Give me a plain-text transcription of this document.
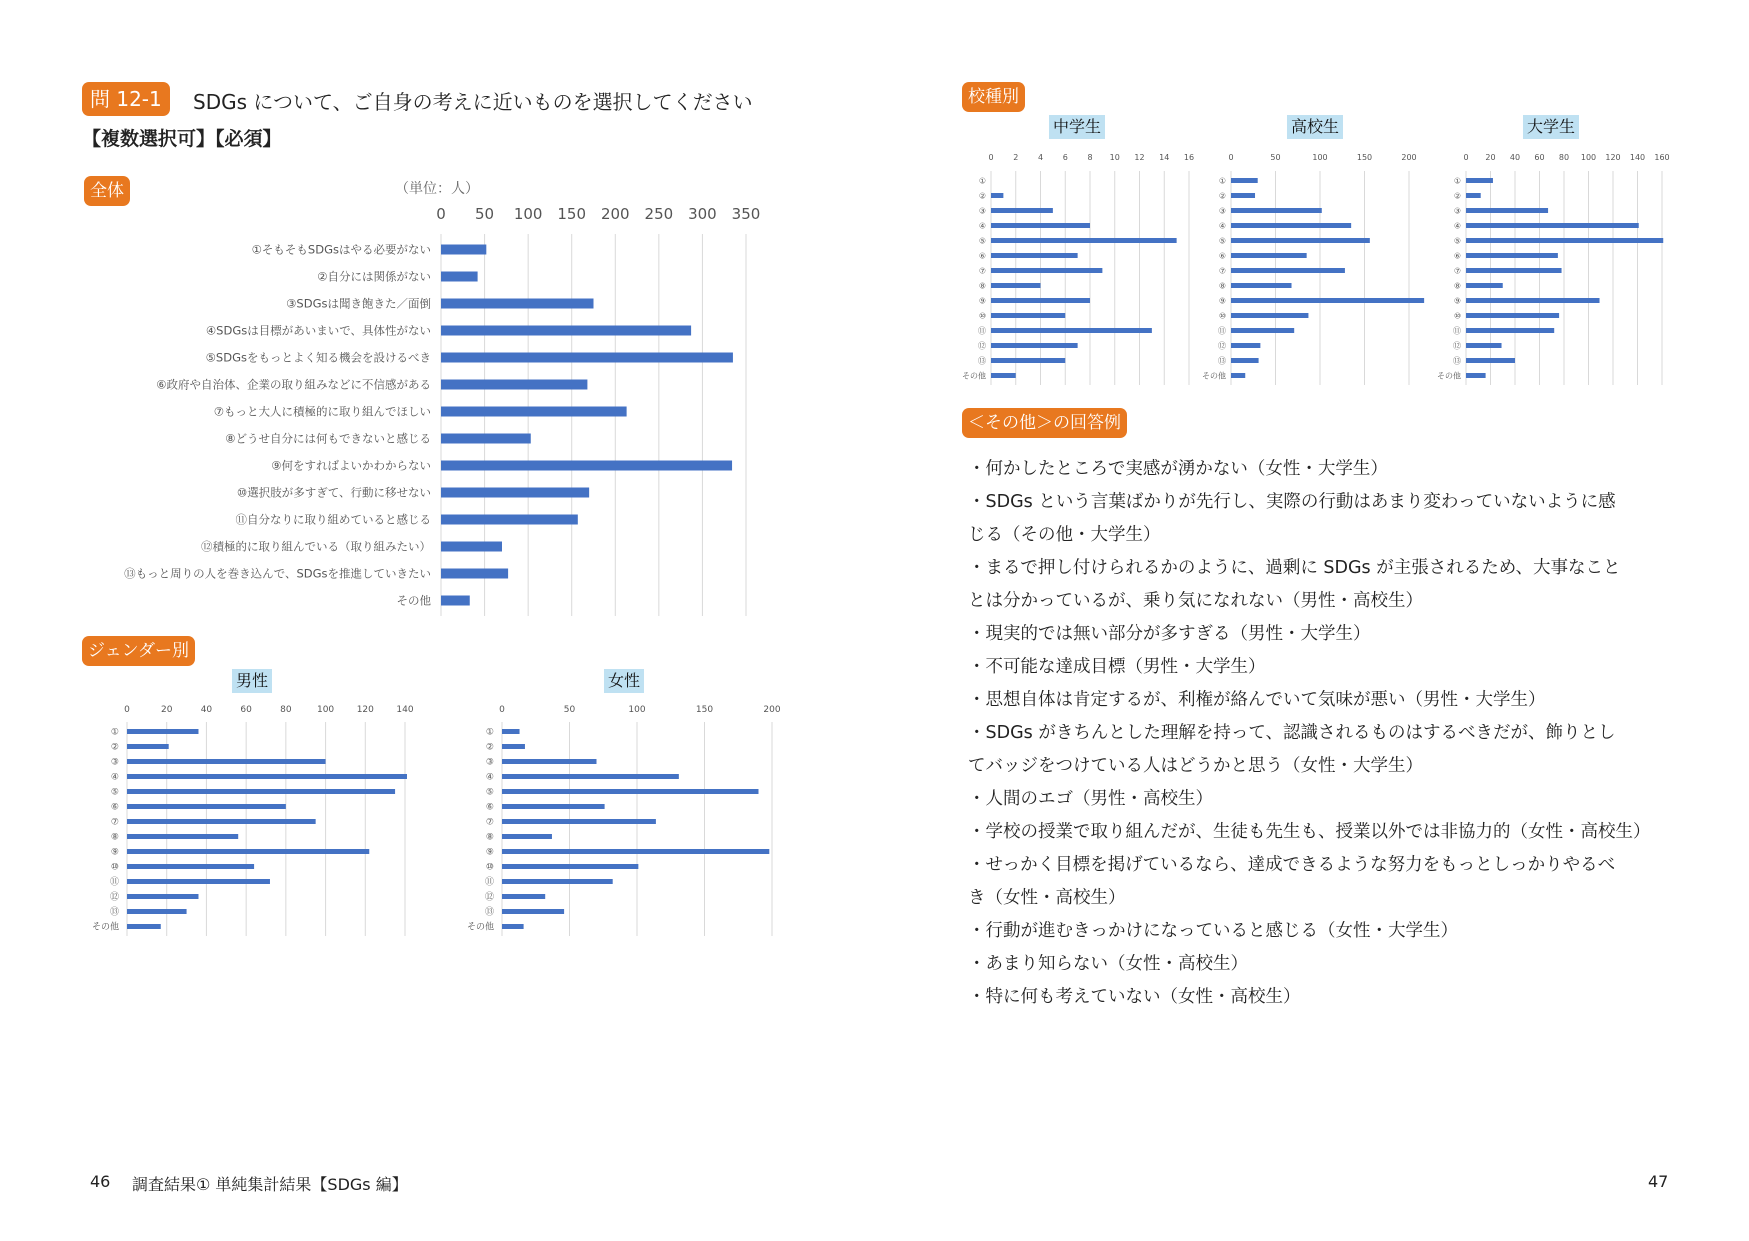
問 12-1	SDGs について、ご自身の考えに近いものを選択してください
【複数選択可】【必須】
全体
ジェンダー別
校種別
＜その他＞の回答例
男性	女性
中学生	高校生	大学生
0 50 100 150 200 250 300 350
①そもそもSDGsはやる必要がない
②自分には関係がない
③SDGsは聞き飽きた／面倒
④SDGsは目標があいまいで、具体性がない
⑤SDGsをもっとよく知る機会を設けるべき
⑥政府や自治体、企業の取り組みなどに不信感がある
⑦もっと大人に積極的に取り組んでほしい
⑧どうせ自分には何もできないと感じる
⑨何をすればよいかわからない
⑩選択肢が多すぎて、行動に移せない
⑪自分なりに取り組めていると感じる
⑫積極的に取り組んでいる（取り組みたい）
⑬もっと周りの人を巻き込んで、SDGsを推進していきたい
その他
（単位：人）
0	20	40	60	80	100	120	140
①
②
③
④
⑤
⑥
⑦
⑧
⑨
⑩
⑪
⑫
⑬
その他
0	50	100	150	200
①
②
③
④
⑤
⑥
⑦
⑧
⑨
⑩
⑪
⑫
⑬
その他
0 2 4 6 8 10 12 14 16
①
②
③
④
⑤
⑥
⑦
⑧
⑨
⑩
⑪
⑫
⑬
その他
0	50	100	150	200
①
②
③
④
⑤
⑥
⑦
⑧
⑨
⑩
⑪
⑫
⑬
その他
0 20 40 60 80 100 120 140 160
①
②
③
④
⑤
⑥
⑦
⑧
⑨
⑩
⑪
⑫
⑬
その他
・何かしたところで実感が湧かない（女性・大学生）
・SDGs という言葉ばかりが先行し、実際の行動はあまり変わっていないように感
じる（その他・大学生）
・まるで押し付けられるかのように、過剰に SDGs が主張されるため、大事なこと
とは分かっているが、乗り気になれない（男性・高校生）
・現実的では無い部分が多すぎる（男性・大学生）
・不可能な達成目標（男性・大学生）
・思想自体は肯定するが、利権が絡んでいて気味が悪い（男性・大学生）
・SDGs がきちんとした理解を持って、認識されるものはするべきだが、飾りとし
てバッジをつけている人はどうかと思う（女性・大学生）
・人間のエゴ（男性・高校生）
・学校の授業で取り組んだが、生徒も先生も、授業以外では非協力的（女性・高校生）
・せっかく目標を掲げているなら、達成できるような努力をもっとしっかりやるべ
き（女性・高校生）
・行動が進むきっかけになっていると感じる（女性・大学生）
・あまり知らない（女性・高校生）
・特に何も考えていない（女性・高校生）
46 調査結果① 単純集計結果【SDGs 編】	47
